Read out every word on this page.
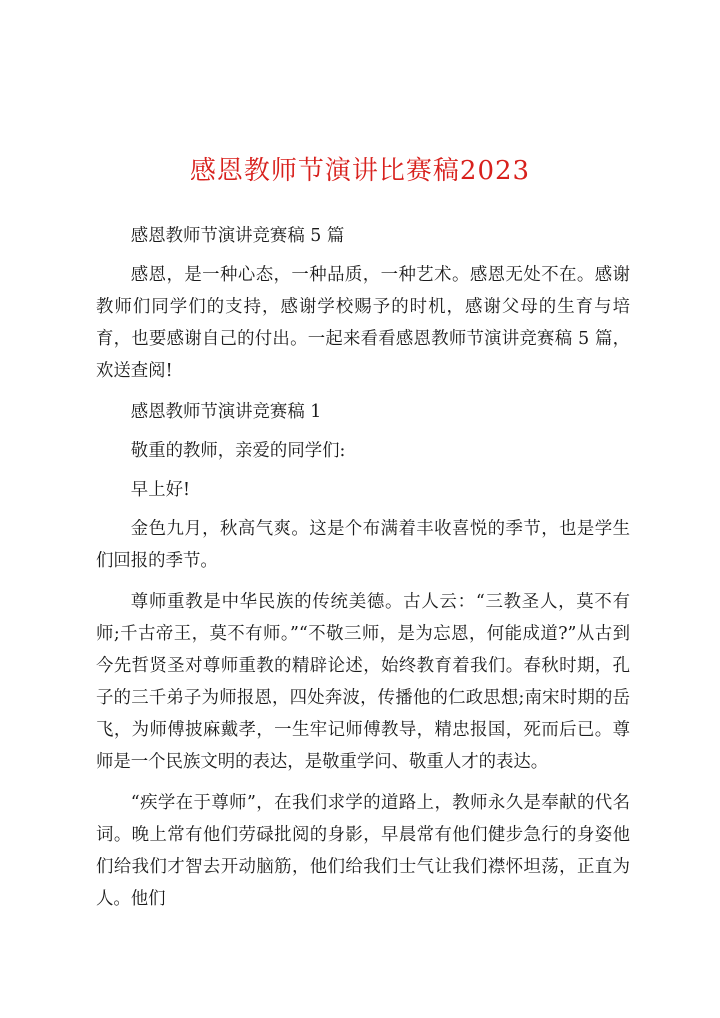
感恩教师节演讲比赛稿2023

感恩教师节演讲竞赛稿 5 篇

感恩，是一种心态，一种品质，一种艺术。感恩无处不在。感谢教师们同学们的支持，感谢学校赐予的时机，感谢父母的生育与培育，也要感谢自己的付出。一起来看看感恩教师节演讲竞赛稿 5 篇，欢送查阅!

感恩教师节演讲竞赛稿 1

敬重的教师，亲爱的同学们:

早上好!

金色九月，秋高气爽。这是个布满着丰收喜悦的季节，也是学生们回报的季节。

尊师重教是中华民族的传统美德。古人云：“三教圣人，莫不有师;千古帝王，莫不有师。”“不敬三师，是为忘恩，何能成道?”从古到今先哲贤圣对尊师重教的精辟论述，始终教育着我们。春秋时期，孔子的三千弟子为师报恩，四处奔波，传播他的仁政思想;南宋时期的岳飞，为师傅披麻戴孝，一生牢记师傅教导，精忠报国，死而后已。尊师是一个民族文明的表达，是敬重学问、敬重人才的表达。

“疾学在于尊师”，在我们求学的道路上，教师永久是奉献的代名词。晚上常有他们劳碌批阅的身影，早晨常有他们健步急行的身姿他们给我们才智去开动脑筋，他们给我们士气让我们襟怀坦荡，正直为人。他们
